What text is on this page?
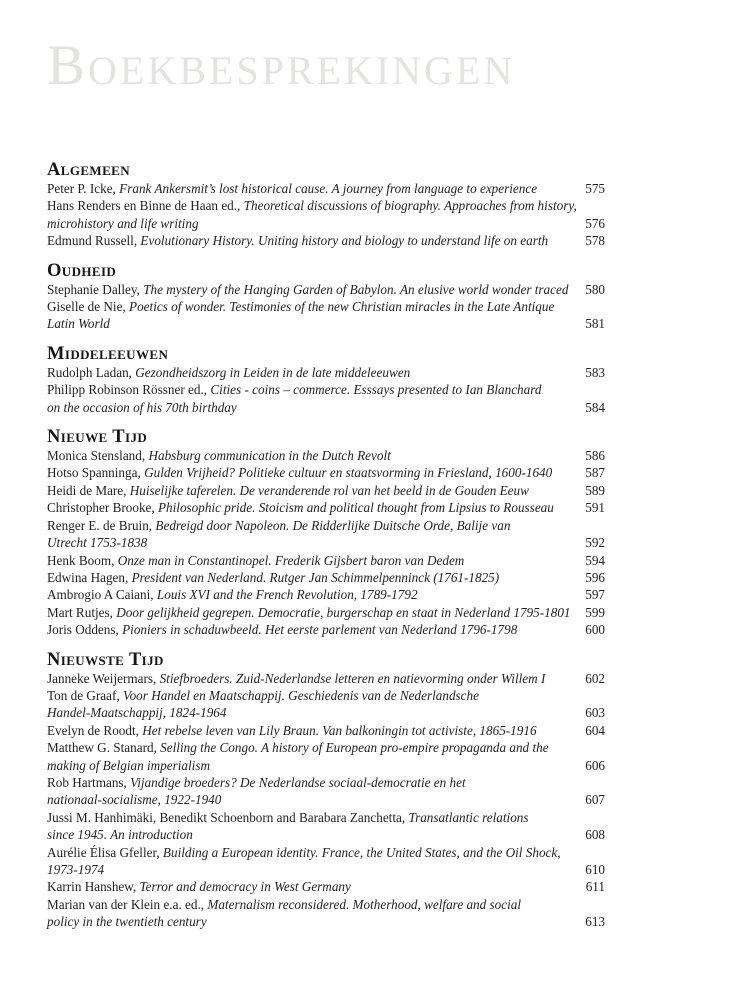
Boekbesprekingen
Algemeen
Peter P. Icke, Frank Ankersmit’s lost historical cause. A journey from language to experience	575
Hans Renders en Binne de Haan ed., Theoretical discussions of biography. Approaches from history,
microhistory and life writing	576
Edmund Russell, Evolutionary History. Uniting history and biology to understand life on earth	578
Oudheid
Stephanie Dalley, The mystery of the Hanging Garden of Babylon. An elusive world wonder traced	580
Giselle de Nie, Poetics of wonder. Testimonies of the new Christian miracles in the Late Antique
Latin World	581
Middeleeuwen
Rudolph Ladan, Gezondheidszorg in Leiden in de late middeleeuwen	583
Philipp Robinson Rössner ed., Cities - coins – commerce. Esssays presented to Ian Blanchard
on the occasion of his 70th birthday	584
Nieuwe Tijd
Monica Stensland, Habsburg communication in the Dutch Revolt	586
Hotso Spanninga, Gulden Vrijheid? Politieke cultuur en staatsvorming in Friesland, 1600-1640	587
Heidi de Mare, Huiselijke taferelen. De veranderende rol van het beeld in de Gouden Eeuw	589
Christopher Brooke, Philosophic pride. Stoicism and political thought from Lipsius to Rousseau	591
Renger E. de Bruin, Bedreigd door Napoleon. De Ridderlijke Duitsche Orde, Balije van
Utrecht 1753-1838	592
Henk Boom, Onze man in Constantinopel. Frederik Gijsbert baron van Dedem	594
Edwina Hagen, President van Nederland. Rutger Jan Schimmelpenninck (1761-1825)	596
Ambrogio A Caiani, Louis XVI and the French Revolution, 1789-1792	597
Mart Rutjes, Door gelijkheid gegrepen. Democratie, burgerschap en staat in Nederland 1795-1801	599
Joris Oddens, Pioniers in schaduwbeeld. Het eerste parlement van Nederland 1796-1798	600
Nieuwste Tijd
Janneke Weijermars, Stiefbroeders. Zuid-Nederlandse letteren en natievorming onder Willem I	602
Ton de Graaf, Voor Handel en Maatschappij. Geschiedenis van de Nederlandsche
Handel-Maatschappij, 1824-1964	603
Evelyn de Roodt, Het rebelse leven van Lily Braun. Van balkoningin tot activiste, 1865-1916	604
Matthew G. Stanard, Selling the Congo. A history of European pro-empire propaganda and the
making of Belgian imperialism	606
Rob Hartmans, Vijandige broeders? De Nederlandse sociaal-democratie en het
nationaal-socialisme, 1922-1940	607
Jussi M. Hanhimäki, Benedikt Schoenborn and Barabara Zanchetta, Transatlantic relations
since 1945. An introduction	608
Aurélie Élisa Gfeller, Building a European identity. France, the United States, and the Oil Shock,
1973-1974	610
Karrin Hanshew, Terror and democracy in West Germany	611
Marian van der Klein e.a. ed., Maternalism reconsidered. Motherhood, welfare and social
policy in the twentieth century	613
